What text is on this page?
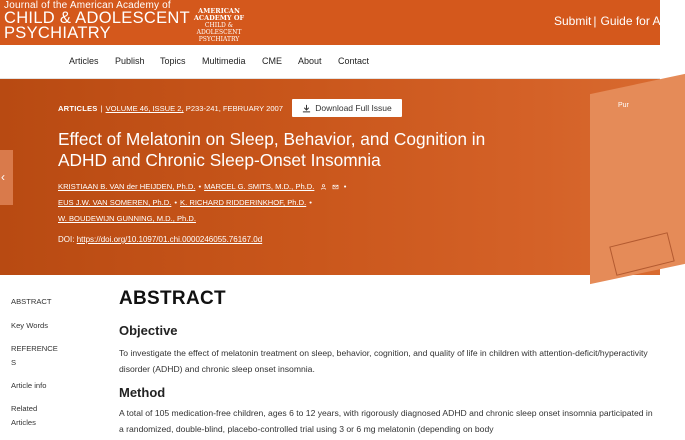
Journal of the American Academy of
CHILD & ADOLESCENT
PSYCHIATRY
AMERICAN ACADEMY OF
CHILD & ADOLESCENT
PSYCHIATRY
Submit | Guide for Auth
Articles Publish Topics Multimedia CME About Contact
‹
Pur
ARTICLES | VOLUME 46, ISSUE 2, P233-241, FEBRUARY 2007	Download Full Issue
Effect of Melatonin on Sleep, Behavior, and Cognition in ADHD and Chronic Sleep-Onset Insomnia
KRISTIAAN B. VAN der HEIJDEN, Ph.D. • MARCEL G. SMITS, M.D., Ph.D.	•
EUS J.W. VAN SOMEREN, Ph.D. • K. RICHARD RIDDERINKHOF, Ph.D. •
W. BOUDEWIJN GUNNING, M.D., Ph.D.
DOI: https://doi.org/10.1097/01.chi.0000246055.76167.0d
ABSTRACT
Key Words
REFERENCE
S
Article info
Related
Articles
ABSTRACT
Objective

To investigate the effect of melatonin treatment on sleep, behavior, cognition, and quality of life in children with attention-deficit/hyperactivity disorder (ADHD) and chronic sleep onset insomnia.

Method

A total of 105 medication-free children, ages 6 to 12 years, with rigorously diagnosed ADHD and chronic sleep onset insomnia participated in a randomized, double-blind, placebo-controlled trial using 3 or 6 mg melatonin (depending on body
